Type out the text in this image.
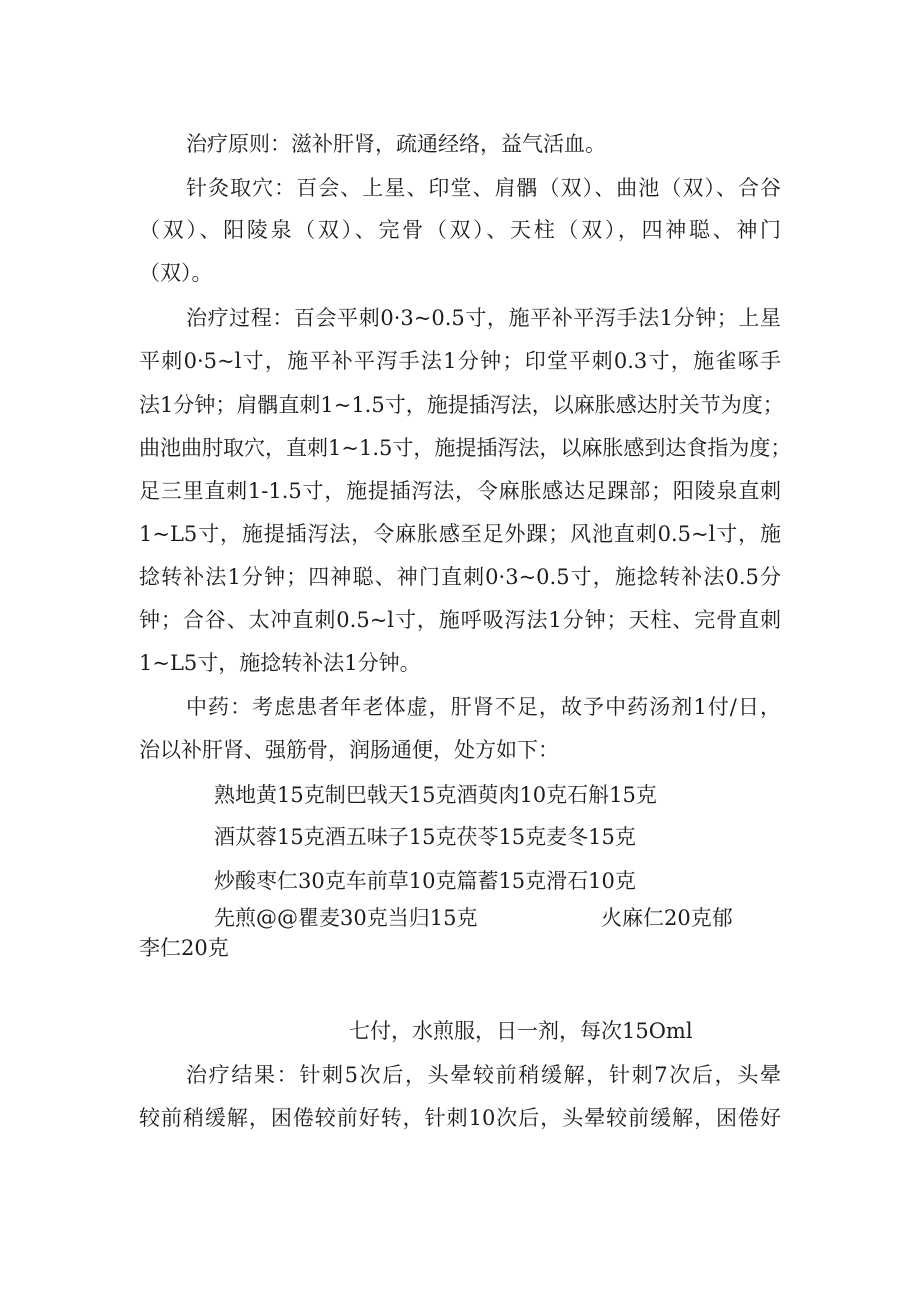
治疗原则：滋补肝肾，疏通经络，益气活血。
针灸取穴：百会、上星、印堂、肩髃（双）、曲池（双）、合谷
（双）、阳陵泉（双）、完骨（双）、天柱（双），四神聪、神门
（双）。
治疗过程：百会平刺0·3~0.5寸，施平补平泻手法1分钟；上星
平刺0·5~l寸，施平补平泻手法1分钟；印堂平刺0.3寸，施雀啄手
法1分钟；肩髃直刺1~1.5寸，施提插泻法，以麻胀感达肘关节为度；
曲池曲肘取穴，直刺1~1.5寸，施提插泻法，以麻胀感到达食指为度；
足三里直刺1-1.5寸，施提插泻法，令麻胀感达足踝部；阳陵泉直刺
1~L5寸，施提插泻法，令麻胀感至足外踝；风池直刺0.5~l寸，施
捻转补法1分钟；四神聪、神门直刺0·3~0.5寸，施捻转补法0.5分
钟；合谷、太冲直刺0.5~l寸，施呼吸泻法1分钟；天柱、完骨直刺
1~L5寸，施捻转补法1分钟。
中药：考虑患者年老体虚，肝肾不足，故予中药汤剂1付/日，
治以补肝肾、强筋骨，润肠通便，处方如下：
熟地黄15克制巴戟天15克酒萸肉10克石斛15克
酒苁蓉15克酒五味子15克茯苓15克麦冬15克
炒酸枣仁30克车前草10克篇蓄15克滑石10克
先煎@@瞿麦30克当归15克	火麻仁20克郁
李仁20克
七付，水煎服，日一剂，每次15Oml
治疗结果：针刺5次后，头晕较前稍缓解，针刺7次后，头晕
较前稍缓解，困倦较前好转，针刺10次后，头晕较前缓解，困倦好
